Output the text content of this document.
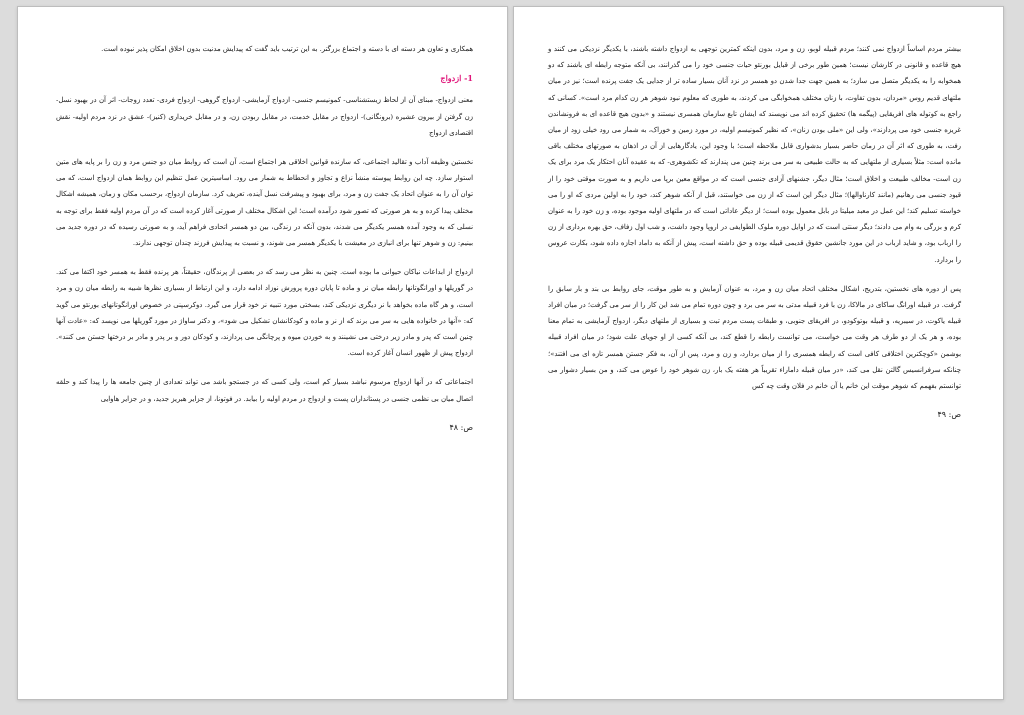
همکاری و تعاون هر دسته ای با دسته و اجتماع بزرگتر. به این ترتیب باید گفت که پیدایش مدنیت بدون اخلاق امکان پذیر نبوده است.

1- ازدواج

معنی ازدواج- مبنای آن از لحاظ زیستشناسی- کمونیسم جنسی- ازدواج آزمایشی- ازدواج گروهی- ازدواج فردی- تعدد زوجات- اثر آن در بهبود نسل- زن گرفتن از بیرون عشیره (برونگانی)- ازدواج در مقابل خدمت، در مقابل ربودن زن، و در مقابل خریداری (کنیز)- عشق در نزد مردم اولیه- نقش اقتصادی ازدواج

نخستین وظیفه آداب و تقالید اجتماعی، که سازنده قوانین اخلاقی هر اجتماع است، آن است که روابط میان دو جنس مرد و زن را بر پایه های متین استوار سازد. چه این روابط پیوسته منشأ نزاع و تجاوز و انحطاط به شمار می رود. اساسیترین عمل تنظیم این روابط همان ازدواج است، که می توان آن را به عنوان اتحاد یک جفت زن و مرد، برای بهبود و پیشرفت نسل آینده، تعریف کرد. سازمان ازدواج، برحسب مکان و زمان، همیشه اشکال مختلف پیدا کرده و به هر صورتی که تصور شود درآمده است؛ این اشکال مختلف از صورتی آغاز کرده است که در آن مردم اولیه فقط برای توجه به نسلی که به وجود آمده همسر یکدیگر می شدند، بدون آنکه در زندگی، بین دو همسر اتحادی فراهم آید، و به صورتی رسیده که در دوره جدید می بینیم: زن و شوهر تنها برای انبازی در معیشت با یکدیگر همسر می شوند، و نسبت به پیدایش فرزند چندان توجهی ندارند.

ازدواج از ابداعات نیاکان حیوانی ما بوده است. چنین به نظر می رسد که در بعضی از پرندگان، حقیقتاً، هر پرنده فقط به همسر خود اکتفا می کند. در گوریلها و اورانگوتانها رابطه میان نر و ماده تا پایان دوره پرورش نوزاد ادامه دارد، و این ارتباط از بسیاری نظرها شبیه به رابطه میان زن و مرد است، و هر گاه ماده بخواهد با نر دیگری نزدیکی کند، بسختی مورد تنبیه نر خود قرار می گیرد. دوکرسپنی در خصوص اورانگوتانهای بورنئو می گوید که: «آنها در خانواده هایی به سر می برند که از نر و ماده و کودکانشان تشکیل می شود»، و دکتر ساواژ در مورد گوریلها می نویسد که: «عادت آنها چنین است که پدر و مادر زیر درختی می نشینند و به خوردن میوه و پرچانگی می پردازند، و کودکان دور و بر پدر و مادر بر درختها جستن می کنند». ازدواج پیش از ظهور انسان آغاز کرده است.

اجتماعاتی که در آنها ازدواج مرسوم نباشد بسیار کم است، ولی کسی که در جستجو باشد می تواند تعدادی از چنین جامعه ها را پیدا کند و حلقه اتصال میان بی نظمی جنسی در پستانداران پست و ازدواج در مردم اولیه را بیابد. در فوتونا، از جزایر هبریز جدید، و در جزایر هاوایی

ص: ۴۸

بیشتر مردم اساساً ازدواج نمی کنند؛ مردم قبیله لوبو، زن و مرد، بدون اینکه کمترین توجهی به ازدواج داشته باشند، با یکدیگر نزدیکی می کنند و هیچ قاعده و قانونی در کارشان نیست؛ همین طور برخی از قبایل بورنئو حیات جنسی خود را می گذرانند، بی آنکه متوجه رابطه ای باشند که دو همخوابه را به یکدیگر متصل می سازد؛ به همین جهت جدا شدن دو همسر در نزد آنان بسیار ساده تر از جدایی یک جفت پرنده است؛ نیز در میان ملتهای قدیم روس «مردان، بدون تفاوت، با زنان مختلف همخوابگی می کردند، به طوری که معلوم نبود شوهر هر زن کدام مرد است». کسانی که راجع به کوتوله های افریقایی (پیگمه ها) تحقیق کرده اند می نویسند که ایشان تابع سازمان همسری نیستند و «بدون هیچ قاعده ای به فرونشاندن غریزه جنسی خود می پردازند»، ولی این «ملی بودن زنان»، که نظیر کمونیسم اولیه، در مورد زمین و خوراک، به شمار می رود خیلی زود از میان رفت، به طوری که اثر آن در زمان حاضر بسیار بدشواری قابل ملاحظه است؛ با وجود این، یادگارهایی از آن در اذهان به صورتهای مختلف باقی مانده است: مثلاً بسیاری از ملتهایی که به حالت طبیعی به سر می برند چنین می پندارند که تکشوهری- که به عقیده آنان احتکار یک مرد برای یک زن است- مخالف طبیعت و اخلاق است؛ مثال دیگر، جشنهای آزادی جنسی است که در مواقع معین برپا می داریم و به صورت موقتی خود را از قیود جنسی می رهانیم (مانند کارناوالها)؛ مثال دیگر این است که از زن می خواستند، قبل از آنکه شوهر کند، خود را به اولین مردی که او را می خواسته تسلیم کند؛ این عمل در معبد میلیتا در بابل معمول بوده است؛ از دیگر عاداتی است که در ملتهای اولیه موجود بوده، و زن خود را به عنوان کرم و بزرگی به وام می دادند؛ دیگر سنتی است که در اوایل دوره ملوک الطوایفی در اروپا وجود داشت، و شب اول زفاف، حق بهره برداری از زن را ارباب بود، و شاید ارباب در این مورد جانشین حقوق قدیمی قبیله بوده و حق داشته است، پیش از آنکه به داماد اجازه داده شود، بکارت عروس را بردارد.

پس از دوره های نخستین، بتدریج، اشکال مختلف اتحاد میان زن و مرد، به عنوان آزمایش و به طور موقت، جای روابط بی بند و بار سابق را گرفت. در قبیله اورانگ ساکای در مالاکا، زن با فرد قبیله مدتی به سر می برد و چون دوره تمام می شد این کار را از سر می گرفت؛ در میان افراد قبیله یاکوت، در سیبریه، و قبیله بوتوکودو، در افریقای جنوبی، و طبقات پست مردم تبت و بسیاری از ملتهای دیگر، ازدواج آزمایشی به تمام معنا بوده، و هر یک از دو طرف هر وقت می خواست، می توانست رابطه را قطع کند، بی آنکه کسی از او جویای علت شود؛ در میان افراد قبیله بوشمن «کوچکترین اختلافی کافی است که رابطه همسری را از میان بردارد، و زن و مرد، پس از آن، به فکر جستن همسر تازه ای می افتند»؛ چنانکه سرفرانسیس گالتن نقل می کند، «در میان قبیله داماراء تقریباً هر هفته یک بار، زن شوهر خود را عوض می کند، و من بسیار دشوار می توانستم بفهمم که شوهر موقت این خانم یا آن خانم در فلان وقت چه کس

ص: ۴۹
